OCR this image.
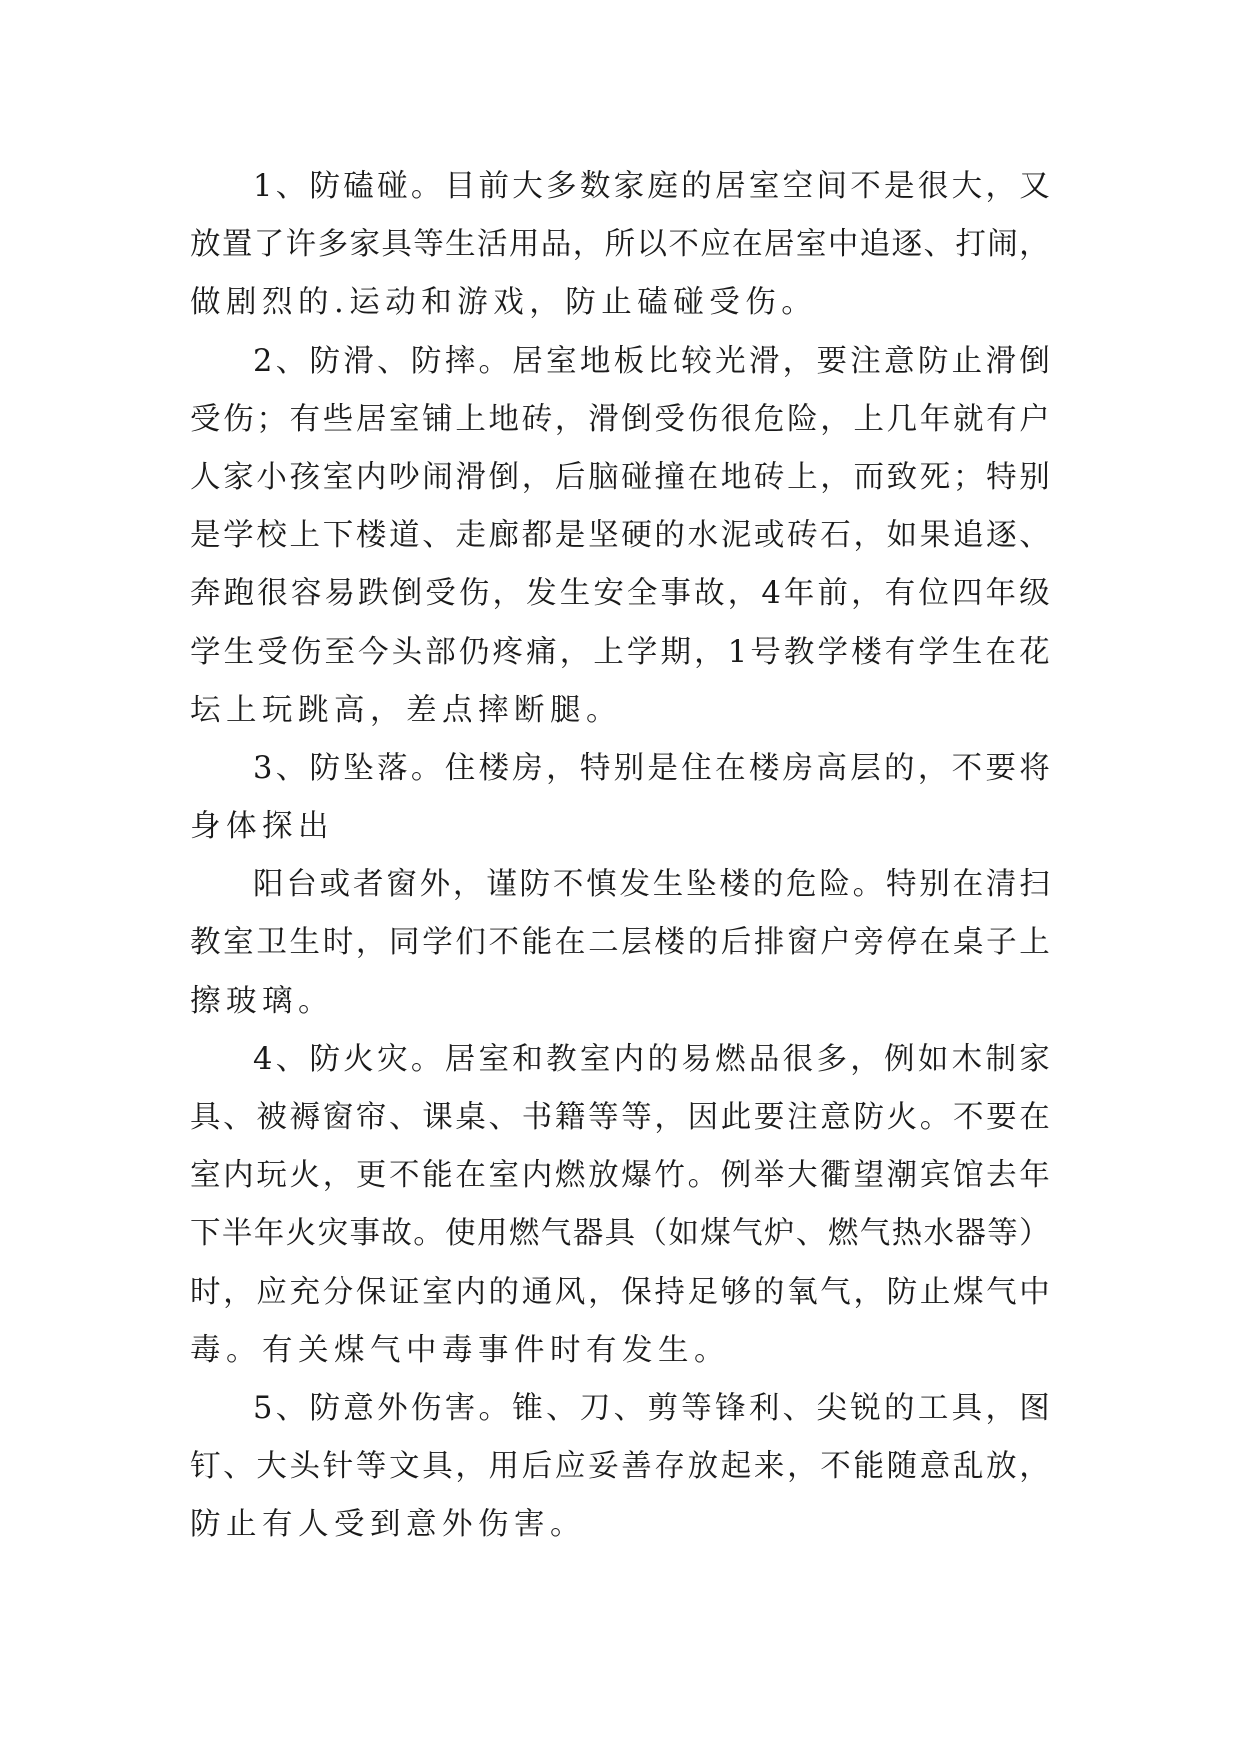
1 、 防 磕 碰 。 目 前 大 多 数 家 庭 的 居 室 空 间 不 是 很 大 ， 又
放 置 了 许 多 家 具 等 生 活 用 品 ， 所 以 不 应 在 居 室 中 追 逐 、 打 闹 ，
做剧烈的.运动和游戏，防止磕碰受伤。
2 、 防 滑 、 防 摔 。 居 室 地 板 比 较 光 滑 ， 要 注 意 防 止 滑 倒
受 伤 ； 有 些 居 室 铺 上 地 砖 ， 滑 倒 受 伤 很 危 险 ， 上 几 年 就 有 户
人 家 小 孩 室 内 吵 闹 滑 倒 ， 后 脑 碰 撞 在 地 砖 上 ， 而 致 死 ； 特 别
是 学 校 上 下 楼 道 、 走 廊 都 是 坚 硬 的 水 泥 或 砖 石 ， 如 果 追 逐 、
奔 跑 很 容 易 跌 倒 受 伤 ， 发 生 安 全 事 故 ， 4 年 前 ， 有 位 四 年 级
学 生 受 伤 至 今 头 部 仍 疼 痛 ， 上 学 期 ， 1 号 教 学 楼 有 学 生 在 花
坛上玩跳高，差点摔断腿。
3 、 防 坠 落 。 住 楼 房 ， 特 别 是 住 在 楼 房 高 层 的 ， 不 要 将
身体探出
阳 台 或 者 窗 外 ， 谨 防 不 慎 发 生 坠 楼 的 危 险 。 特 别 在 清 扫
教 室 卫 生 时 ， 同 学 们 不 能 在 二 层 楼 的 后 排 窗 户 旁 停 在 桌 子 上
擦玻璃。
4 、 防 火 灾 。 居 室 和 教 室 内 的 易 燃 品 很 多 ， 例 如 木 制 家
具 、 被 褥 窗 帘 、 课 桌 、 书 籍 等 等 ， 因 此 要 注 意 防 火 。 不 要 在
室 内 玩 火 ， 更 不 能 在 室 内 燃 放 爆 竹 。 例 举 大 衢 望 潮 宾 馆 去 年
下 半 年 火 灾 事 故 。 使 用 燃 气 器 具 （ 如 煤 气 炉 、 燃 气 热 水 器 等 ）
时 ， 应 充 分 保 证 室 内 的 通 风 ， 保 持 足 够 的 氧 气 ， 防 止 煤 气 中
毒。有关煤气中毒事件时有发生。
5 、 防 意 外 伤 害 。 锥 、 刀 、 剪 等 锋 利 、 尖 锐 的 工 具 ， 图
钉 、 大 头 针 等 文 具 ， 用 后 应 妥 善 存 放 起 来 ， 不 能 随 意 乱 放 ，
防止有人受到意外伤害。
